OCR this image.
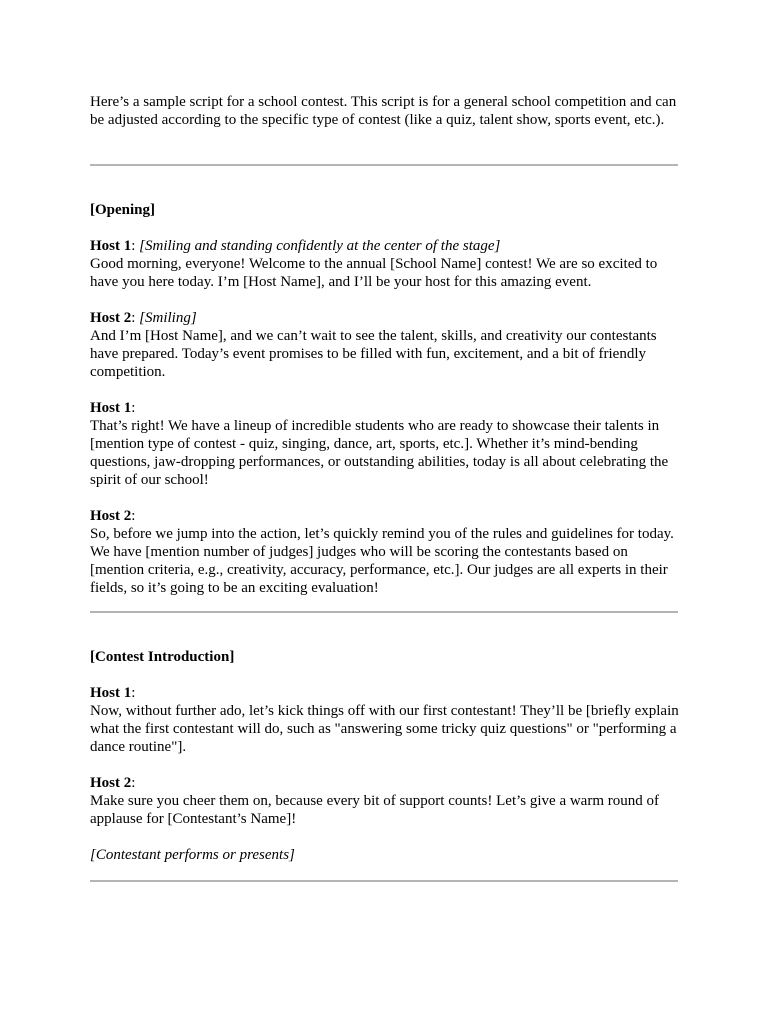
Here’s a sample script for a school contest. This script is for a general school competition and can be adjusted according to the specific type of contest (like a quiz, talent show, sports event, etc.).

[Opening]

Host 1: [Smiling and standing confidently at the center of the stage]

Good morning, everyone! Welcome to the annual [School Name] contest! We are so excited to have you here today. I’m [Host Name], and I’ll be your host for this amazing event.

Host 2: [Smiling]

And I’m [Host Name], and we can’t wait to see the talent, skills, and creativity our contestants have prepared. Today’s event promises to be filled with fun, excitement, and a bit of friendly competition.

Host 1:

That’s right! We have a lineup of incredible students who are ready to showcase their talents in [mention type of contest - quiz, singing, dance, art, sports, etc.]. Whether it’s mind-bending questions, jaw-dropping performances, or outstanding abilities, today is all about celebrating the spirit of our school!

Host 2:

So, before we jump into the action, let’s quickly remind you of the rules and guidelines for today. We have [mention number of judges] judges who will be scoring the contestants based on [mention criteria, e.g., creativity, accuracy, performance, etc.]. Our judges are all experts in their fields, so it’s going to be an exciting evaluation!

[Contest Introduction]

Host 1:

Now, without further ado, let’s kick things off with our first contestant! They’ll be [briefly explain what the first contestant will do, such as "answering some tricky quiz questions" or "performing a dance routine"].

Host 2:

Make sure you cheer them on, because every bit of support counts! Let’s give a warm round of applause for [Contestant’s Name]!

[Contestant performs or presents]
